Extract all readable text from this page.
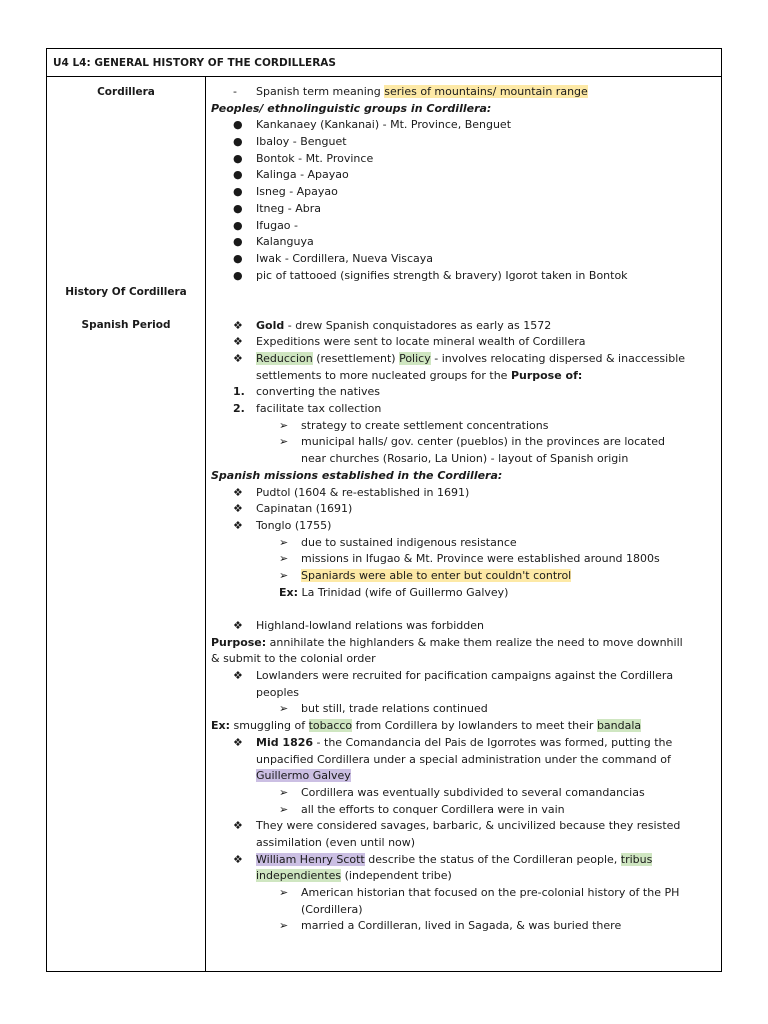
U4 L4: GENERAL HISTORY OF THE CORDILLERAS
Cordillera
History Of Cordillera
Spanish Period
- Spanish term meaning series of mountains/ mountain range
Peoples/ ethnolinguistic groups in Cordillera:
● Kankanaey (Kankanai) - Mt. Province, Benguet
● Ibaloy - Benguet
● Bontok - Mt. Province
● Kalinga - Apayao
● Isneg - Apayao
● Itneg - Abra
● Ifugao -
● Kalanguya
● Iwak - Cordillera, Nueva Viscaya
● pic of tattooed (signifies strength & bravery) Igorot taken in Bontok
❖ Gold - drew Spanish conquistadores as early as 1572
❖ Expeditions were sent to locate mineral wealth of Cordillera
❖ Reduccion (resettlement) Policy - involves relocating dispersed & inaccessible
settlements to more nucleated groups for the Purpose of:
1. converting the natives
2. facilitate tax collection
➢ strategy to create settlement concentrations
➢ municipal halls/ gov. center (pueblos) in the provinces are located
near churches (Rosario, La Union) - layout of Spanish origin
Spanish missions established in the Cordillera:
❖ Pudtol (1604 & re-established in 1691)
❖ Capinatan (1691)
❖ Tonglo (1755)
➢ due to sustained indigenous resistance
➢ missions in Ifugao & Mt. Province were established around 1800s
➢ Spaniards were able to enter but couldn't control
Ex: La Trinidad (wife of Guillermo Galvey)
❖ Highland-lowland relations was forbidden
Purpose: annihilate the highlanders & make them realize the need to move downhill
& submit to the colonial order
❖ Lowlanders were recruited for pacification campaigns against the Cordillera
peoples
➢ but still, trade relations continued
Ex: smuggling of tobacco from Cordillera by lowlanders to meet their bandala
❖ Mid 1826 - the Comandancia del Pais de Igorrotes was formed, putting the
unpacified Cordillera under a special administration under the command of
Guillermo Galvey
➢ Cordillera was eventually subdivided to several comandancias
➢ all the efforts to conquer Cordillera were in vain
❖ They were considered savages, barbaric, & uncivilized because they resisted
assimilation (even until now)
❖ William Henry Scott describe the status of the Cordilleran people, tribus
independientes (independent tribe)
➢ American historian that focused on the pre-colonial history of the PH
(Cordillera)
➢ married a Cordilleran, lived in Sagada, & was buried there
